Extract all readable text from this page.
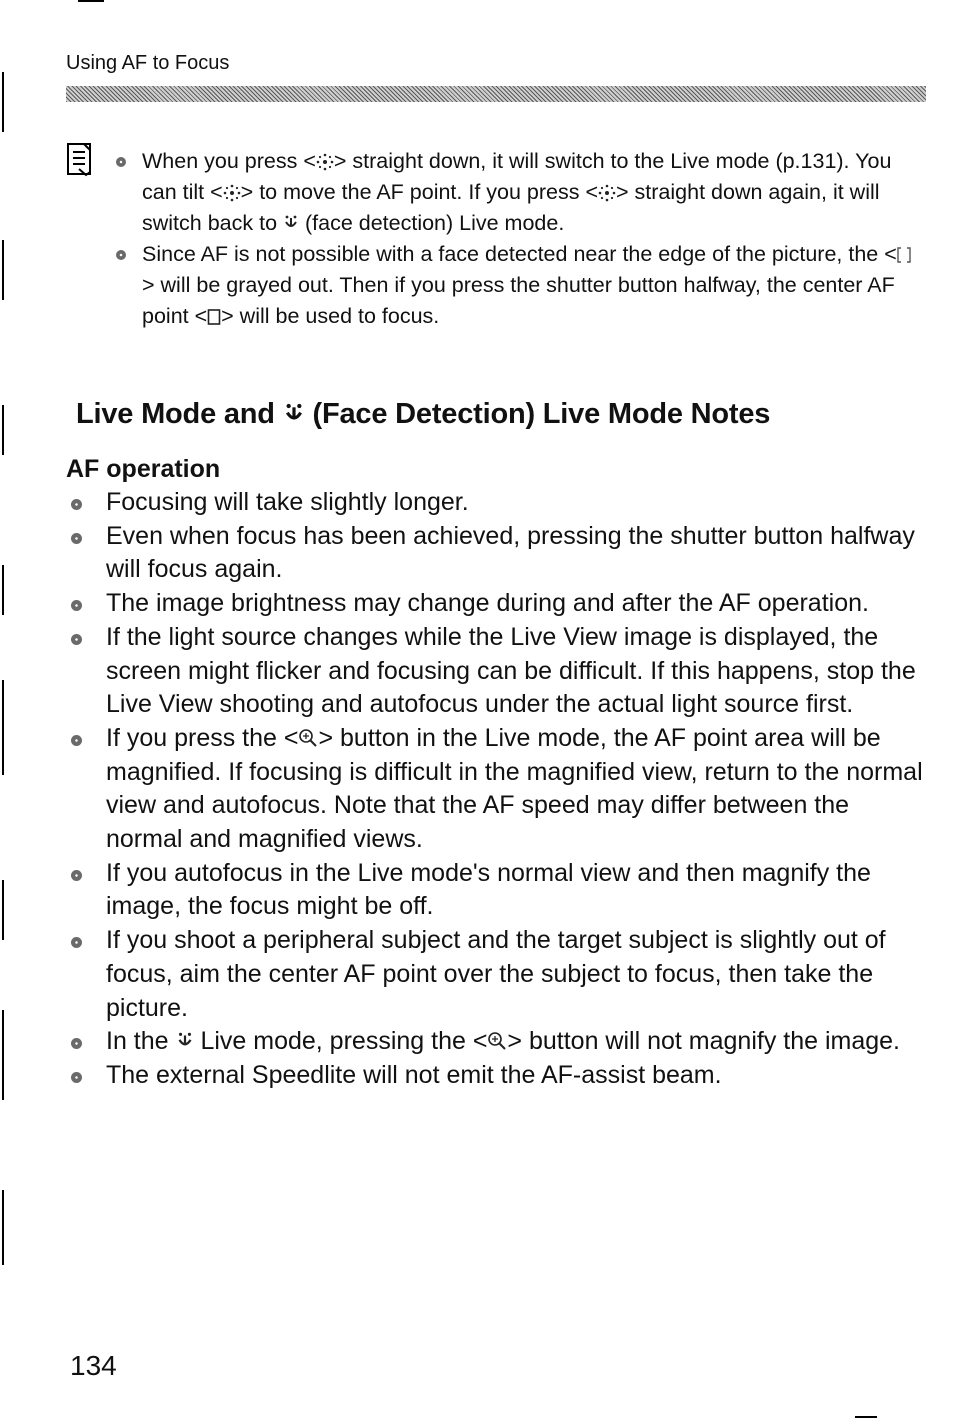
Using AF to Focus
When you press < > straight down, it will switch to the Live mode (p.131). You can tilt < > to move the AF point. If you press < > straight down again, it will switch back to  (face detection) Live mode.
Since AF is not possible with a face detected near the edge of the picture, the <> will be grayed out. Then if you press the shutter button halfway, the center AF point < > will be used to focus.
Live Mode and  (Face Detection) Live Mode Notes
AF operation
Focusing will take slightly longer.
Even when focus has been achieved, pressing the shutter button halfway will focus again.
The image brightness may change during and after the AF operation.
If the light source changes while the Live View image is displayed, the screen might flicker and focusing can be difficult. If this happens, stop the Live View shooting and autofocus under the actual light source first.
If you press the < > button in the Live mode, the AF point area will be magnified. If focusing is difficult in the magnified view, return to the normal view and autofocus. Note that the AF speed may differ between the normal and magnified views.
If you autofocus in the Live mode's normal view and then magnify the image, the focus might be off.
If you shoot a peripheral subject and the target subject is slightly out of focus, aim the center AF point over the subject to focus, then take the picture.
In the  Live mode, pressing the < > button will not magnify the image.
The external Speedlite will not emit the AF-assist beam.
134
